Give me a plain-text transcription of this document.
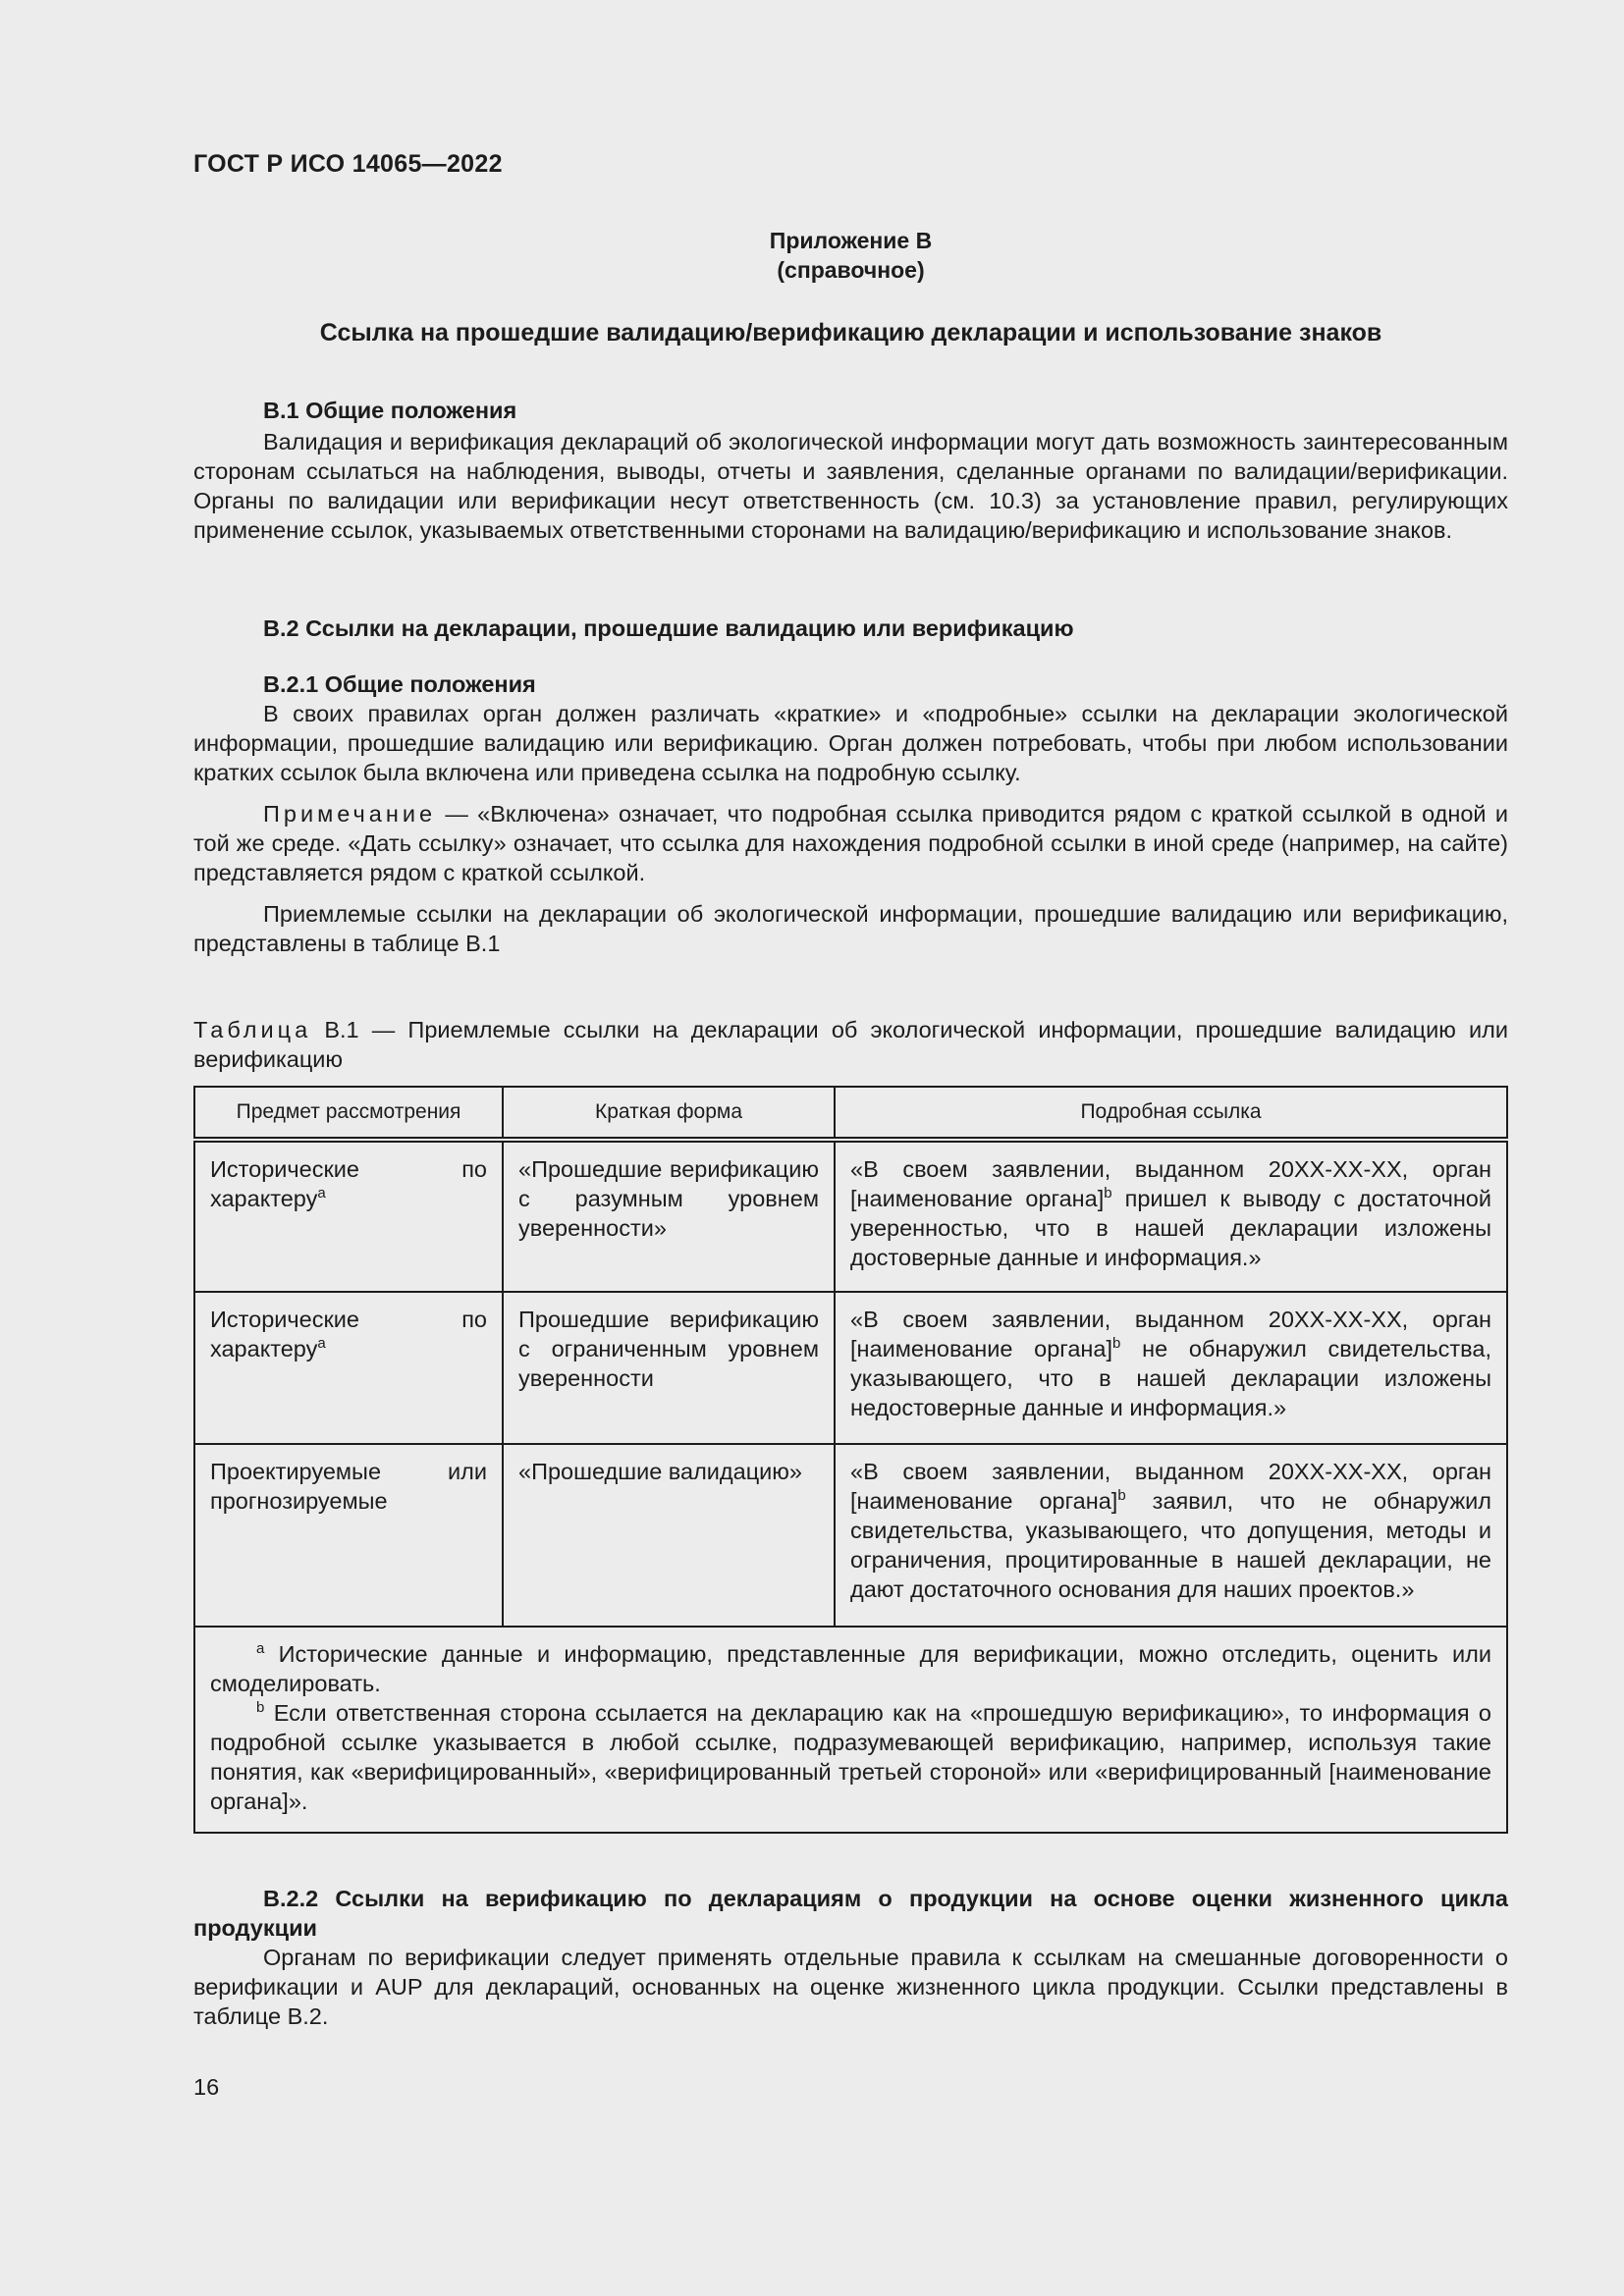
ГОСТ Р ИСО 14065—2022
Приложение В
(справочное)
Ссылка на прошедшие валидацию/верификацию декларации и использование знаков
В.1 Общие положения

Валидация и верификация деклараций об экологической информации могут дать возможность заинтересованным сторонам ссылаться на наблюдения, выводы, отчеты и заявления, сделанные органами по валидации/верификации. Органы по валидации или верификации несут ответственность (см. 10.3) за установление правил, регулирующих применение ссылок, указываемых ответственными сторонами на валидацию/верификацию и использование знаков.

В.2 Ссылки на декларации, прошедшие валидацию или верификацию
В.2.1 Общие положения

В своих правилах орган должен различать «краткие» и «подробные» ссылки на декларации экологической информации, прошедшие валидацию или верификацию. Орган должен потребовать, чтобы при любом использовании кратких ссылок была включена или приведена ссылка на подробную ссылку.

Примечание — «Включена» означает, что подробная ссылка приводится рядом с краткой ссылкой в одной и той же среде. «Дать ссылку» означает, что ссылка для нахождения подробной ссылки в иной среде (например, на сайте) представляется рядом с краткой ссылкой.

Приемлемые ссылки на декларации об экологической информации, прошедшие валидацию или верификацию, представлены в таблице В.1

Таблица В.1 — Приемлемые ссылки на декларации об экологической информации, прошедшие валидацию или верификацию

Предмет рассмотрения	Краткая форма	Подробная ссылка
Исторические по характеру$^a$	«Прошедшие верификацию с разумным уровнем уверенности»	«В своем заявлении, выданном 20XX-XX-XX, орган [наименование органа]$^b$ пришел к выводу с достаточной уверенностью, что в нашей декларации изложены достоверные данные и информация.»
Исторические по характеру$^a$	Прошедшие верификацию с ограниченным уровнем уверенности	«В своем заявлении, выданном 20XX-XX-XX, орган [наименование органа]$^b$ не обнаружил свидетельства, указывающего, что в нашей декларации изложены недостоверные данные и информация.»
Проектируемые или прогнозируемые	«Прошедшие валидацию»	«В своем заявлении, выданном 20XX-XX-XX, орган [наименование органа]$^b$ заявил, что не обнаружил свидетельства, указывающего, что допущения, методы и ограничения, процитированные в нашей декларации, не дают достаточного основания для наших проектов.»

$^a$ Исторические данные и информацию, представленные для верификации, можно отследить, оценить или смоделировать.

$^b$ Если ответственная сторона ссылается на декларацию как на «прошедшую верификацию», то информация о подробной ссылке указывается в любой ссылке, подразумевающей верификацию, например, используя такие понятия, как «верифицированный», «верифицированный третьей стороной» или «верифицированный [наименование органа]».		

В.2.2 Ссылки на верификацию по декларациям о продукции на основе оценки жизненного цикла продукции

Органам по верификации следует применять отдельные правила к ссылкам на смешанные договоренности о верификации и AUP для деклараций, основанных на оценке жизненного цикла продукции. Ссылки представлены в таблице В.2.

16
